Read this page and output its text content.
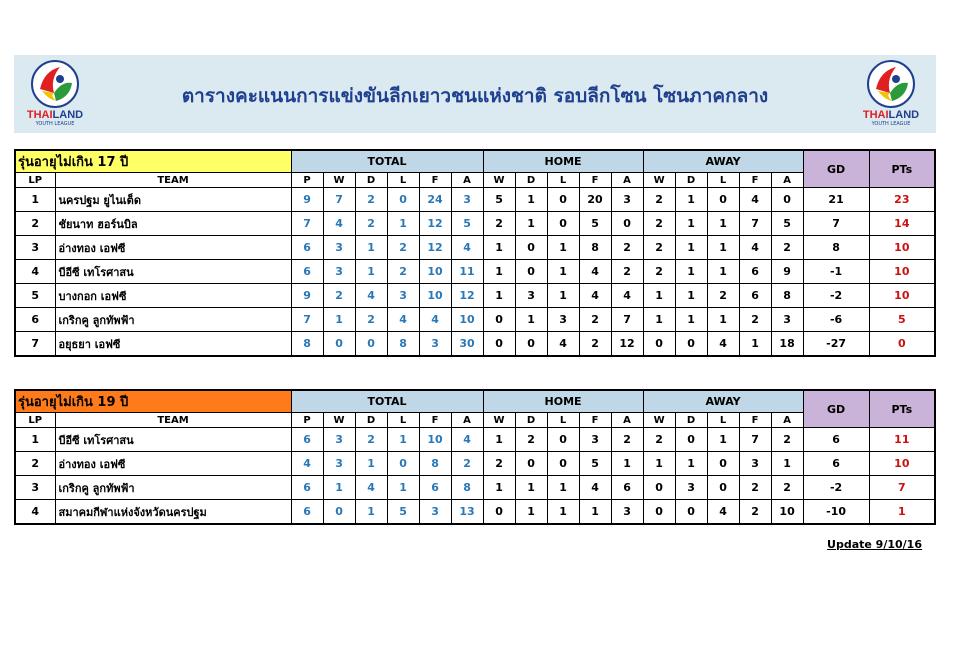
THAILAND
YOUTH LEAGUE
ตารางคะแนนการแข่งขันลีกเยาวชนแห่งชาติ รอบลีกโซน โซนภาคกลาง
THAILAND
YOUTH LEAGUE
รุ่นอายุไม่เกิน 17 ปี		TOTAL						HOME					AWAY					GD	PTs
LP	TEAM	P	W	D	L	F	A	W	D	L	F	A	W	D	L	F	A		
1	นครปฐม ยูไนเต็ด	9	7	2	0	24	3	5	1	0	20	3	2	1	0	4	0	21	23
2	ชัยนาท ฮอร์นบิล	7	4	2	1	12	5	2	1	0	5	0	2	1	1	7	5	7	14
3	อ่างทอง เอฟซี	6	3	1	2	12	4	1	0	1	8	2	2	1	1	4	2	8	10
4	บีอีซี เทโรศาสน	6	3	1	2	10	11	1	0	1	4	2	2	1	1	6	9	-1	10
5	บางกอก เอฟซี	9	2	4	3	10	12	1	3	1	4	4	1	1	2	6	8	-2	10
6	เกริกคู ลูกทัพฟ้า	7	1	2	4	4	10	0	1	3	2	7	1	1	1	2	3	-6	5
7	อยุธยา เอฟซี	8	0	0	8	3	30	0	0	4	2	12	0	0	4	1	18	-27	0
รุ่นอายุไม่เกิน 19 ปี		TOTAL						HOME					AWAY					GD	PTs
LP	TEAM	P	W	D	L	F	A	W	D	L	F	A	W	D	L	F	A		
1	บีอีซี เทโรศาสน	6	3	2	1	10	4	1	2	0	3	2	2	0	1	7	2	6	11
2	อ่างทอง เอฟซี	4	3	1	0	8	2	2	0	0	5	1	1	1	0	3	1	6	10
3	เกริกคู ลูกทัพฟ้า	6	1	4	1	6	8	1	1	1	4	6	0	3	0	2	2	-2	7
4	สมาคมกีฬาแห่งจังหวัดนครปฐม	6	0	1	5	3	13	0	1	1	1	3	0	0	4	2	10	-10	1
Update 9/10/16
